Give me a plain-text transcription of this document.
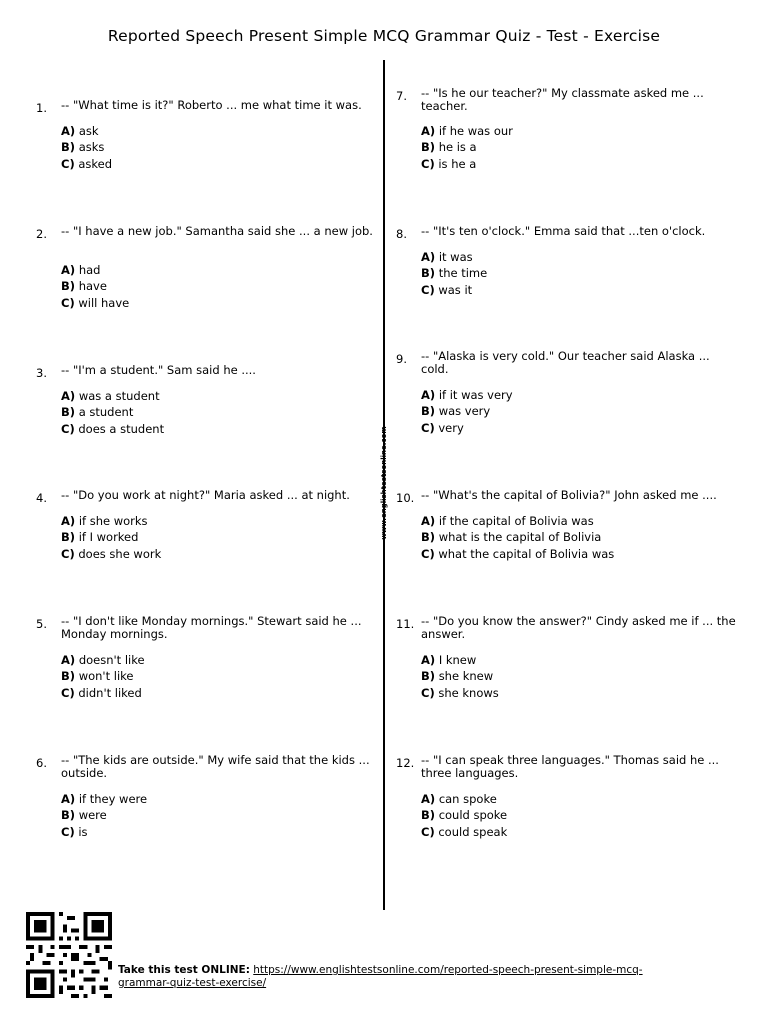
Reported Speech Present Simple MCQ Grammar Quiz - Test - Exercise
www.englishtestsonline.com
1. -- "What time is it?" Roberto ... me what time it was.
A) ask
B) asks
C) asked
2. -- "I have a new job." Samantha said she ... a new job.
A) had
B) have
C) will have
3. -- "I'm a student." Sam said he ....
A) was a student
B) a student
C) does a student
4. -- "Do you work at night?" Maria asked ... at night.
A) if she works
B) if I worked
C) does she work
5. -- "I don't like Monday mornings." Stewart said he ... Monday mornings.
A) doesn't like
B) won't like
C) didn't liked
6. -- "The kids are outside." My wife said that the kids ... outside.
A) if they were
B) were
C) is
7. -- "Is he our teacher?" My classmate asked me ... teacher.
A) if he was our
B) he is a
C) is he a
8. -- "It's ten o'clock." Emma said that ...ten o'clock.
A) it was
B) the time
C) was it
9. -- "Alaska is very cold." Our teacher said Alaska ... cold.
A) if it was very
B) was very
C) very
10. -- "What's the capital of Bolivia?" John asked me ....
A) if the capital of Bolivia was
B) what is the capital of Bolivia
C) what the capital of Bolivia was
11. -- "Do you know the answer?" Cindy asked me if ... the answer.
A) I knew
B) she knew
C) she knows
12. -- "I can speak three languages." Thomas said he ... three languages.
A) can spoke
B) could spoke
C) could speak
Take this test ONLINE: https://www.englishtestsonline.com/reported-speech-present-simple-mcq-grammar-quiz-test-exercise/
